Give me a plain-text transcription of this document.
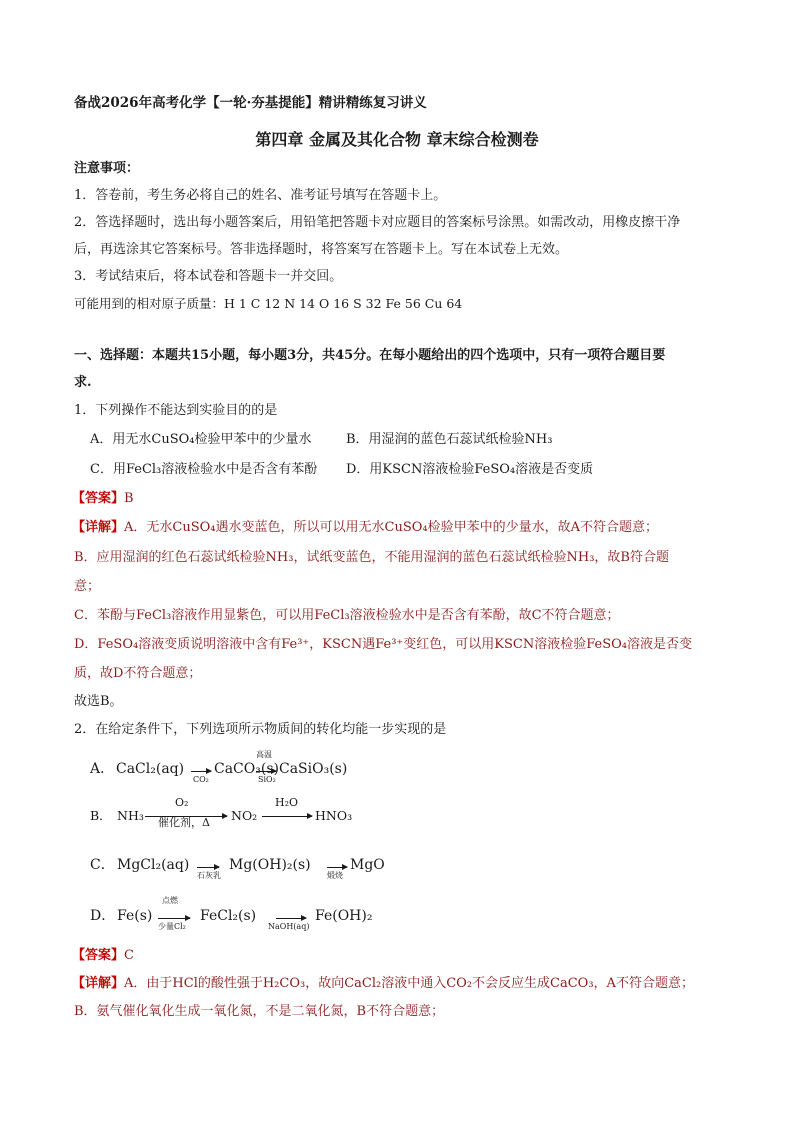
备战2026年高考化学【一轮·夯基提能】精讲精练复习讲义
第四章 金属及其化合物 章末综合检测卷
注意事项：
1．答卷前，考生务必将自己的姓名、准考证号填写在答题卡上。
2．答选择题时，选出每小题答案后，用铅笔把答题卡对应题目的答案标号涂黑。如需改动，用橡皮擦干净
后，再选涂其它答案标号。答非选择题时，将答案写在答题卡上。写在本试卷上无效。
3．考试结束后，将本试卷和答题卡一并交回。
可能用到的相对原子质量：H 1 C 12 N 14 O 16 S 32 Fe 56 Cu 64
一、选择题：本题共15小题，每小题3分，共45分。在每小题给出的四个选项中，只有一项符合题目要
求.
1．下列操作不能达到实验目的的是
A．用无水CuSO₄检验甲苯中的少量水	B．用湿润的蓝色石蕊试纸检验NH₃
C．用FeCl₃溶液检验水中是否含有苯酚 D．用KSCN溶液检验FeSO₄溶液是否变质
【答案】B
【详解】A．无水CuSO₄遇水变蓝色，所以可以用无水CuSO₄检验甲苯中的少量水，故A不符合题意；
B．应用湿润的红色石蕊试纸检验NH₃，试纸变蓝色，不能用湿润的蓝色石蕊试纸检验NH₃，故B符合题
意；
C．苯酚与FeCl₃溶液作用显紫色，可以用FeCl₃溶液检验水中是否含有苯酚，故C不符合题意；
D．FeSO₄溶液变质说明溶液中含有Fe³⁺，KSCN遇Fe³⁺变红色，可以用KSCN溶液检验FeSO₄溶液是否变
质，故D不符合题意；
故选B。
2．在给定条件下，下列选项所示物质间的转化均能一步实现的是
A． CaCl₂(aq) →
CO₂
CaCO₃(s)
高温
SiO₂
CaSiO₃(s)
B． NH₃
O₂
催化剂，Δ NO₂
H₂O
→ HNO₃
C． MgCl₂(aq) →
石灰乳
Mg(OH)₂(s) →
煅烧
MgO
D． Fe(s)
点燃
少量Cl₂
FeCl₂(s) →
NaOH(aq)
Fe(OH)₂
【答案】C
【详解】A．由于HCl的酸性强于H₂CO₃，故向CaCl₂溶液中通入CO₂不会反应生成CaCO₃，A不符合题意；
B．氨气催化氧化生成一氧化氮，不是二氧化氮，B不符合题意；
